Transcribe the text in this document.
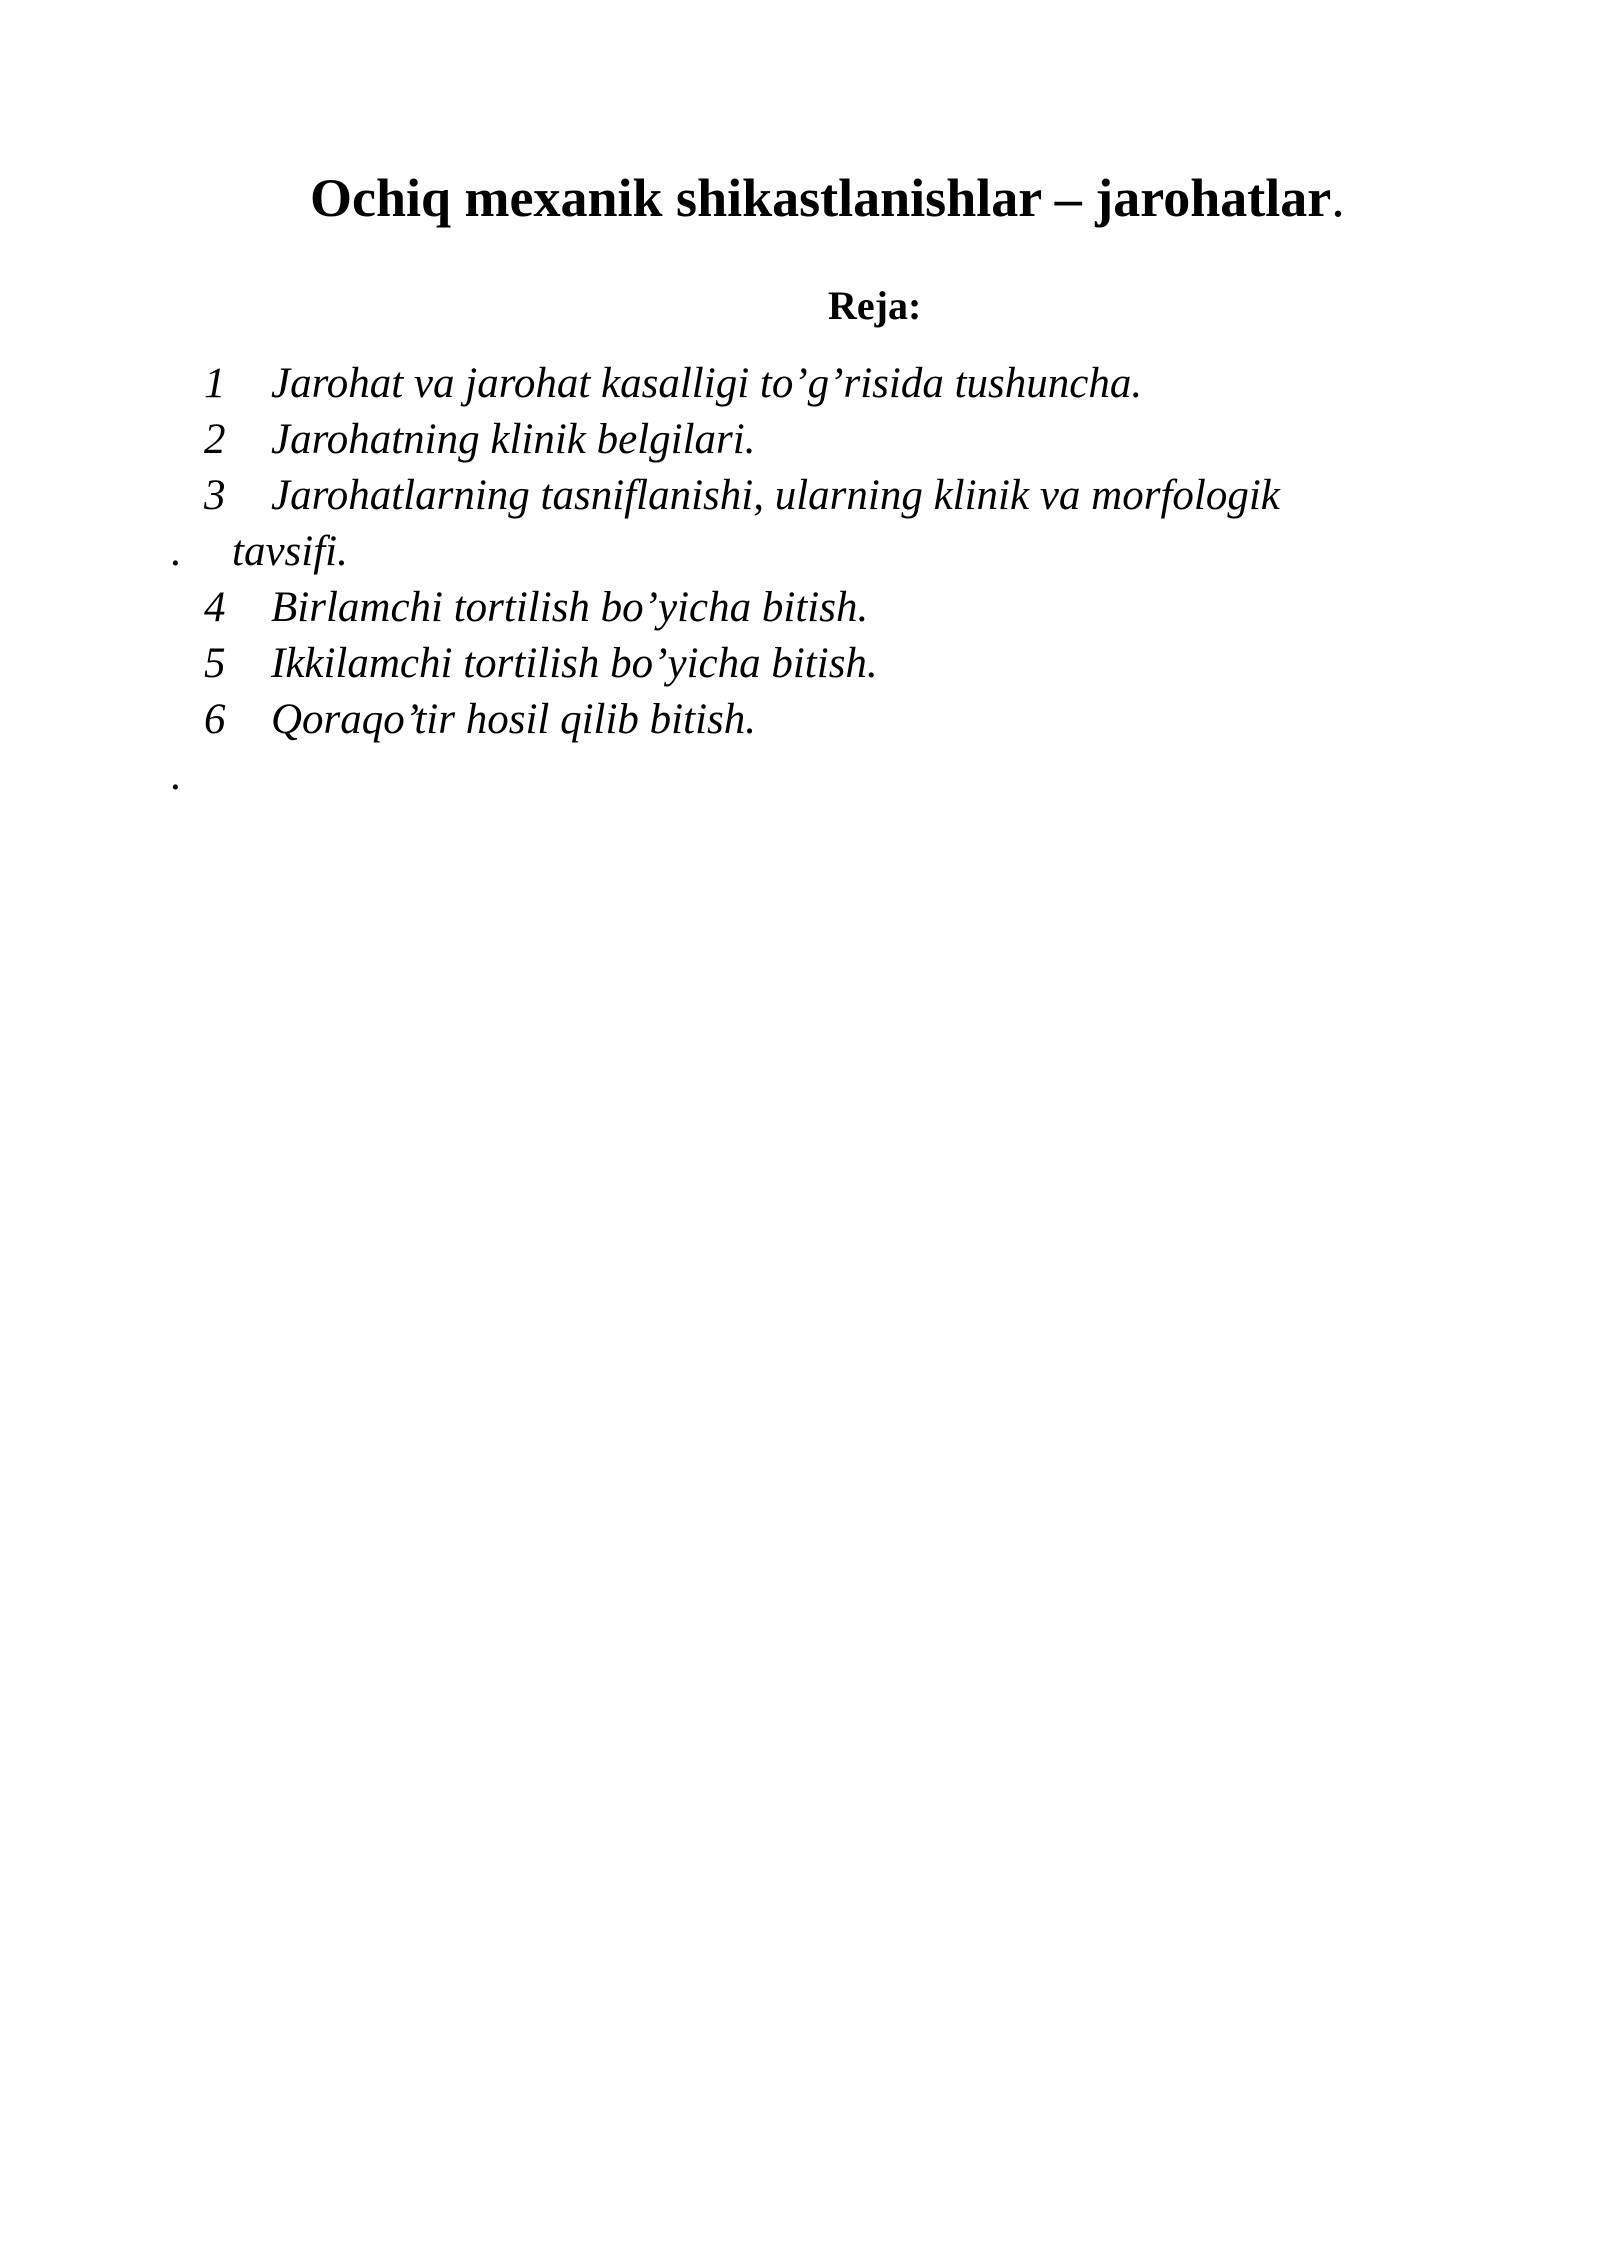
Ochiq mexanik shikastlanishlar – jarohatlar.
Reja:
1 Jarohat va jarohat kasalligi to’g’risida tushuncha.
2 Jarohatning klinik belgilari.
3 Jarohatlarning tasniflanishi, ularning klinik va morfologik
. tavsifi.
4 Birlamchi tortilish bo’yicha bitish.
5 Ikkilamchi tortilish bo’yicha bitish.
6 Qoraqo’tir hosil qilib bitish.
.
